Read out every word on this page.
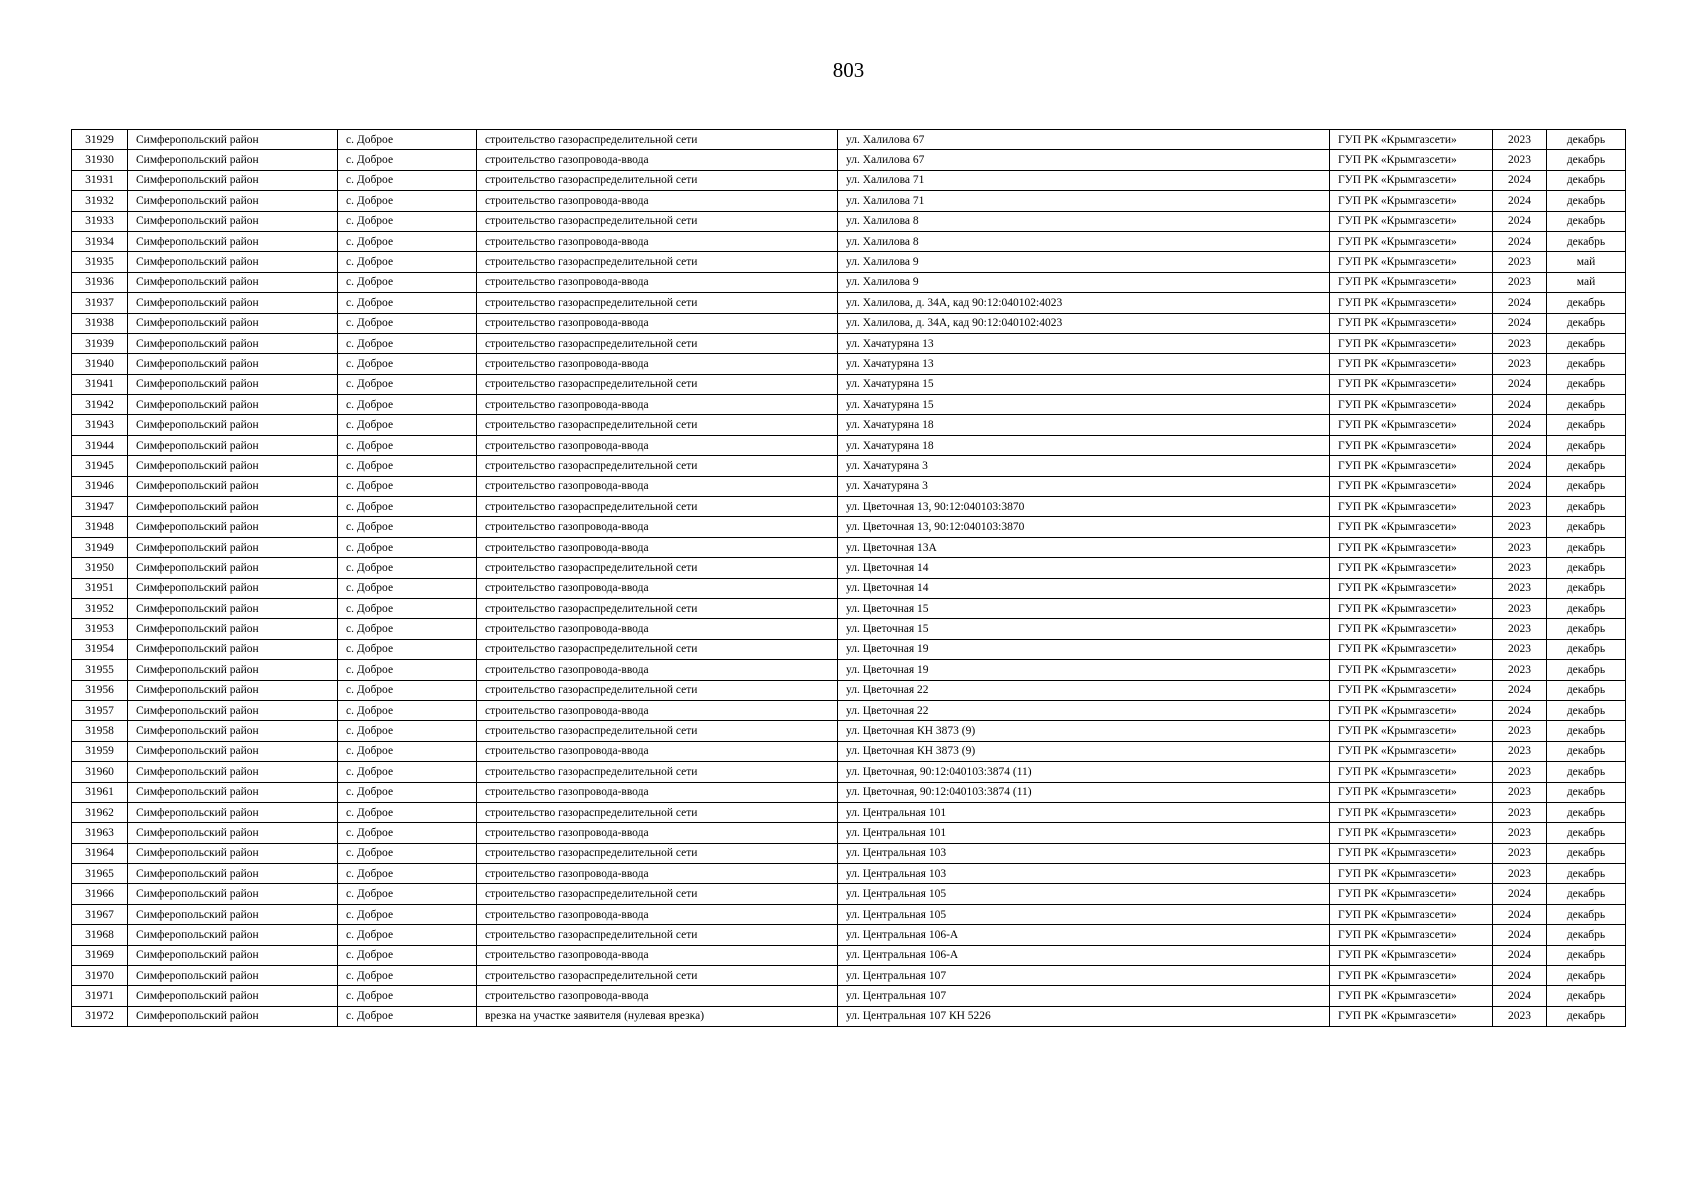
803
31929	Симферопольский район	с. Доброе	строительство газораспределительной сети	ул. Халилова 67	ГУП РК «Крымгазсети»	2023	декабрь
31930	Симферопольский район	с. Доброе	строительство газопровода-ввода	ул. Халилова 67	ГУП РК «Крымгазсети»	2023	декабрь
31931	Симферопольский район	с. Доброе	строительство газораспределительной сети	ул. Халилова 71	ГУП РК «Крымгазсети»	2024	декабрь
31932	Симферопольский район	с. Доброе	строительство газопровода-ввода	ул. Халилова 71	ГУП РК «Крымгазсети»	2024	декабрь
31933	Симферопольский район	с. Доброе	строительство газораспределительной сети	ул. Халилова 8	ГУП РК «Крымгазсети»	2024	декабрь
31934	Симферопольский район	с. Доброе	строительство газопровода-ввода	ул. Халилова 8	ГУП РК «Крымгазсети»	2024	декабрь
31935	Симферопольский район	с. Доброе	строительство газораспределительной сети	ул. Халилова 9	ГУП РК «Крымгазсети»	2023	май
31936	Симферопольский район	с. Доброе	строительство газопровода-ввода	ул. Халилова 9	ГУП РК «Крымгазсети»	2023	май
31937	Симферопольский район	с. Доброе	строительство газораспределительной сети	ул. Халилова, д. 34А, кад 90:12:040102:4023	ГУП РК «Крымгазсети»	2024	декабрь
31938	Симферопольский район	с. Доброе	строительство газопровода-ввода	ул. Халилова, д. 34А, кад 90:12:040102:4023	ГУП РК «Крымгазсети»	2024	декабрь
31939	Симферопольский район	с. Доброе	строительство газораспределительной сети	ул. Хачатуряна 13	ГУП РК «Крымгазсети»	2023	декабрь
31940	Симферопольский район	с. Доброе	строительство газопровода-ввода	ул. Хачатуряна 13	ГУП РК «Крымгазсети»	2023	декабрь
31941	Симферопольский район	с. Доброе	строительство газораспределительной сети	ул. Хачатуряна 15	ГУП РК «Крымгазсети»	2024	декабрь
31942	Симферопольский район	с. Доброе	строительство газопровода-ввода	ул. Хачатуряна 15	ГУП РК «Крымгазсети»	2024	декабрь
31943	Симферопольский район	с. Доброе	строительство газораспределительной сети	ул. Хачатуряна 18	ГУП РК «Крымгазсети»	2024	декабрь
31944	Симферопольский район	с. Доброе	строительство газопровода-ввода	ул. Хачатуряна 18	ГУП РК «Крымгазсети»	2024	декабрь
31945	Симферопольский район	с. Доброе	строительство газораспределительной сети	ул. Хачатуряна 3	ГУП РК «Крымгазсети»	2024	декабрь
31946	Симферопольский район	с. Доброе	строительство газопровода-ввода	ул. Хачатуряна 3	ГУП РК «Крымгазсети»	2024	декабрь
31947	Симферопольский район	с. Доброе	строительство газораспределительной сети	ул. Цветочная 13, 90:12:040103:3870	ГУП РК «Крымгазсети»	2023	декабрь
31948	Симферопольский район	с. Доброе	строительство газопровода-ввода	ул. Цветочная 13, 90:12:040103:3870	ГУП РК «Крымгазсети»	2023	декабрь
31949	Симферопольский район	с. Доброе	строительство газопровода-ввода	ул. Цветочная 13А	ГУП РК «Крымгазсети»	2023	декабрь
31950	Симферопольский район	с. Доброе	строительство газораспределительной сети	ул. Цветочная 14	ГУП РК «Крымгазсети»	2023	декабрь
31951	Симферопольский район	с. Доброе	строительство газопровода-ввода	ул. Цветочная 14	ГУП РК «Крымгазсети»	2023	декабрь
31952	Симферопольский район	с. Доброе	строительство газораспределительной сети	ул. Цветочная 15	ГУП РК «Крымгазсети»	2023	декабрь
31953	Симферопольский район	с. Доброе	строительство газопровода-ввода	ул. Цветочная 15	ГУП РК «Крымгазсети»	2023	декабрь
31954	Симферопольский район	с. Доброе	строительство газораспределительной сети	ул. Цветочная 19	ГУП РК «Крымгазсети»	2023	декабрь
31955	Симферопольский район	с. Доброе	строительство газопровода-ввода	ул. Цветочная 19	ГУП РК «Крымгазсети»	2023	декабрь
31956	Симферопольский район	с. Доброе	строительство газораспределительной сети	ул. Цветочная 22	ГУП РК «Крымгазсети»	2024	декабрь
31957	Симферопольский район	с. Доброе	строительство газопровода-ввода	ул. Цветочная 22	ГУП РК «Крымгазсети»	2024	декабрь
31958	Симферопольский район	с. Доброе	строительство газораспределительной сети	ул. Цветочная КН 3873 (9)	ГУП РК «Крымгазсети»	2023	декабрь
31959	Симферопольский район	с. Доброе	строительство газопровода-ввода	ул. Цветочная КН 3873 (9)	ГУП РК «Крымгазсети»	2023	декабрь
31960	Симферопольский район	с. Доброе	строительство газораспределительной сети	ул. Цветочная, 90:12:040103:3874 (11)	ГУП РК «Крымгазсети»	2023	декабрь
31961	Симферопольский район	с. Доброе	строительство газопровода-ввода	ул. Цветочная, 90:12:040103:3874 (11)	ГУП РК «Крымгазсети»	2023	декабрь
31962	Симферопольский район	с. Доброе	строительство газораспределительной сети	ул. Центральная 101	ГУП РК «Крымгазсети»	2023	декабрь
31963	Симферопольский район	с. Доброе	строительство газопровода-ввода	ул. Центральная 101	ГУП РК «Крымгазсети»	2023	декабрь
31964	Симферопольский район	с. Доброе	строительство газораспределительной сети	ул. Центральная 103	ГУП РК «Крымгазсети»	2023	декабрь
31965	Симферопольский район	с. Доброе	строительство газопровода-ввода	ул. Центральная 103	ГУП РК «Крымгазсети»	2023	декабрь
31966	Симферопольский район	с. Доброе	строительство газораспределительной сети	ул. Центральная 105	ГУП РК «Крымгазсети»	2024	декабрь
31967	Симферопольский район	с. Доброе	строительство газопровода-ввода	ул. Центральная 105	ГУП РК «Крымгазсети»	2024	декабрь
31968	Симферопольский район	с. Доброе	строительство газораспределительной сети	ул. Центральная 106-А	ГУП РК «Крымгазсети»	2024	декабрь
31969	Симферопольский район	с. Доброе	строительство газопровода-ввода	ул. Центральная 106-А	ГУП РК «Крымгазсети»	2024	декабрь
31970	Симферопольский район	с. Доброе	строительство газораспределительной сети	ул. Центральная 107	ГУП РК «Крымгазсети»	2024	декабрь
31971	Симферопольский район	с. Доброе	строительство газопровода-ввода	ул. Центральная 107	ГУП РК «Крымгазсети»	2024	декабрь
31972	Симферопольский район	с. Доброе	врезка на участке заявителя (нулевая врезка)	ул. Центральная 107 КН 5226	ГУП РК «Крымгазсети»	2023	декабрь
